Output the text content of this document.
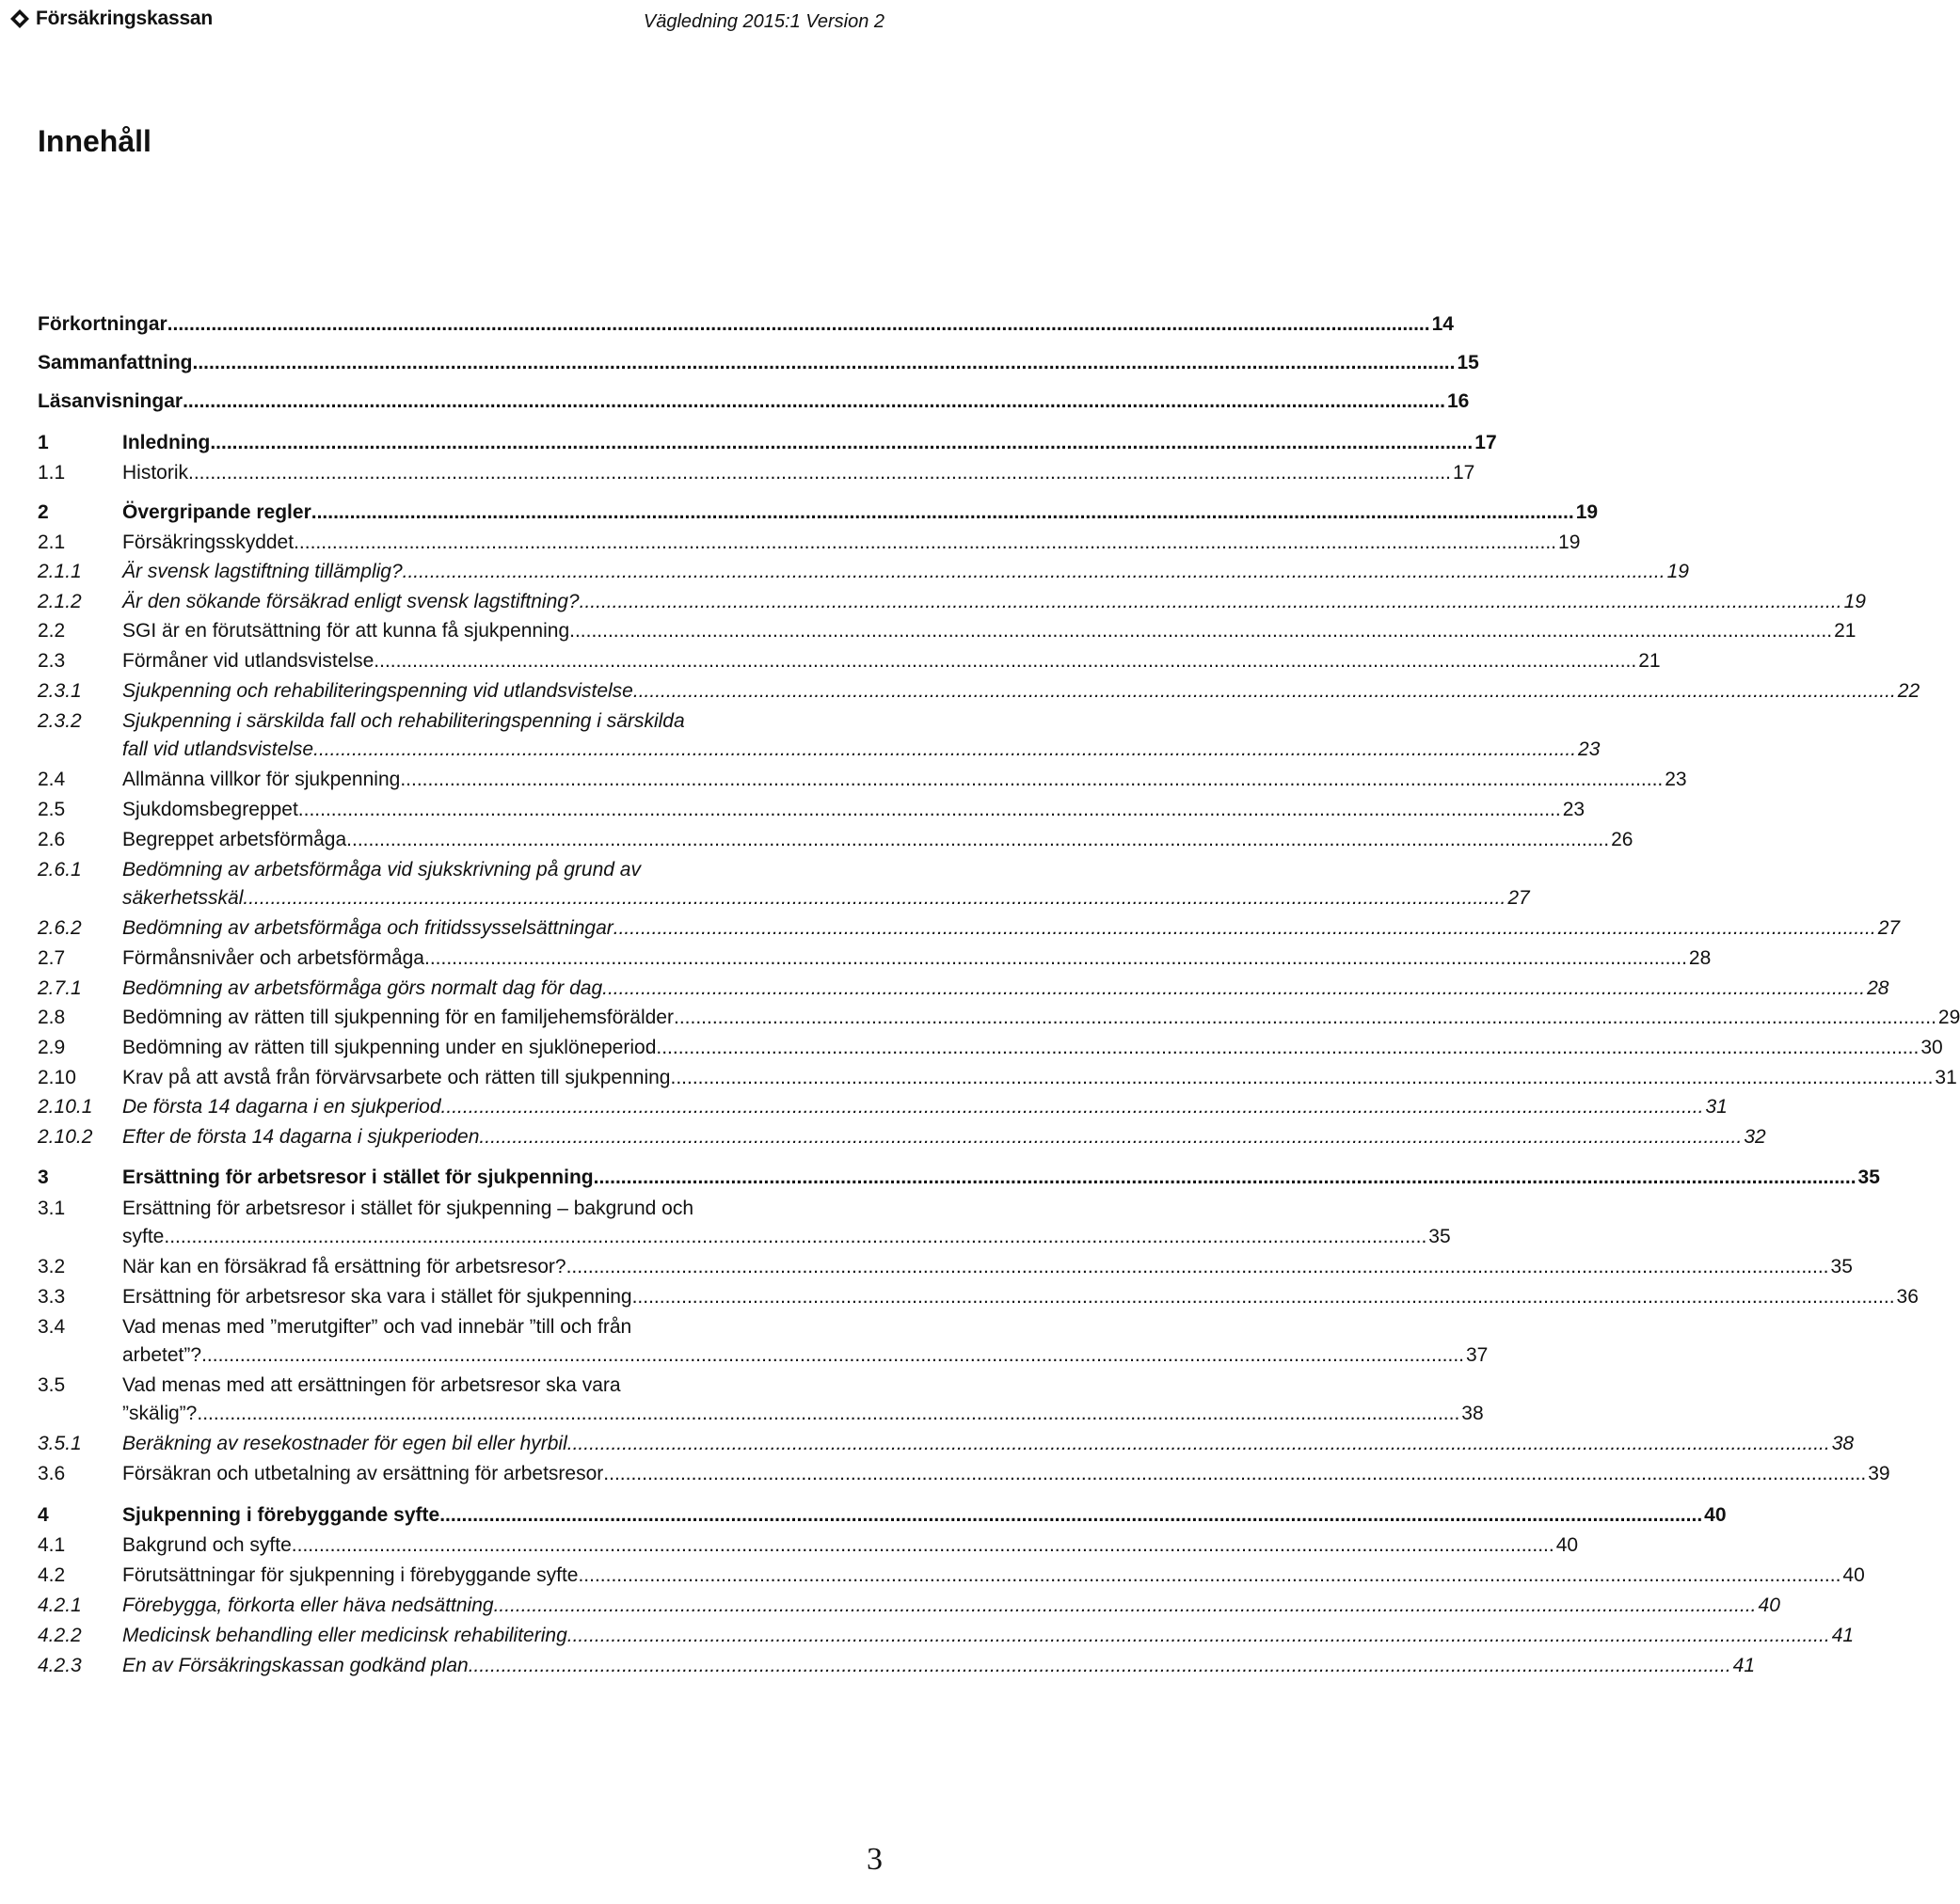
Försäkringskassan	Vägledning 2015:1 Version 2
Innehåll
Förkortningar .....	14
Sammanfattning .....	15
Läsanvisningar .....	16
1	Inledning .....	17
1.1	Historik .....	17
2	Övergripande regler .....	19
2.1	Försäkringsskyddet .....	19
2.1.1 Är svensk lagstiftning tillämplig? .....	19
2.1.2 Är den sökande försäkrad enligt svensk lagstiftning? .....	19
2.2	SGI är en förutsättning för att kunna få sjukpenning .....	21
2.3	Förmåner vid utlandsvistelse .....	21
2.3.1 Sjukpenning och rehabiliteringspenning vid utlandsvistelse .....	22
2.3.2 Sjukpenning i särskilda fall och rehabiliteringspenning i särskilda
fall vid utlandsvistelse .....	23
2.4	Allmänna villkor för sjukpenning .....	23
2.5	Sjukdomsbegreppet .....	23
2.6	Begreppet arbetsförmåga .....	26
2.6.1 Bedömning av arbetsförmåga vid sjukskrivning på grund av
säkerhetsskäl .....	27
2.6.2 Bedömning av arbetsförmåga och fritidssysselsättningar .....	27
2.7	Förmånsnivåer och arbetsförmåga .....	28
2.7.1 Bedömning av arbetsförmåga görs normalt dag för dag .....	28
2.8	Bedömning av rätten till sjukpenning för en familjehemsförälder .....	29
2.9	Bedömning av rätten till sjukpenning under en sjuklöneperiod .....	30
2.10 Krav på att avstå från förvärvsarbete och rätten till sjukpenning .....	31
2.10.1 De första 14 dagarna i en sjukperiod .....	31
2.10.2 Efter de första 14 dagarna i sjukperioden .....	32
3	Ersättning för arbetsresor i stället för sjukpenning .....	35
3.1	Ersättning för arbetsresor i stället för sjukpenning – bakgrund och
syfte .....	35
3.2	När kan en försäkrad få ersättning för arbetsresor? .....	35
3.3	Ersättning för arbetsresor ska vara i stället för sjukpenning .....	36
3.4	Vad menas med ”merutgifter” och vad innebär ”till och från
arbetet”? .....	37
3.5	Vad menas med att ersättningen för arbetsresor ska vara
”skälig”? .....	38
3.5.1 Beräkning av resekostnader för egen bil eller hyrbil .....	38
3.6	Försäkran och utbetalning av ersättning för arbetsresor .....	39
4	Sjukpenning i förebyggande syfte .....	40
4.1	Bakgrund och syfte .....	40
4.2	Förutsättningar för sjukpenning i förebyggande syfte .....	40
4.2.1 Förebygga, förkorta eller häva nedsättning .....	40
4.2.2 Medicinsk behandling eller medicinsk rehabilitering .....	41
4.2.3 En av Försäkringskassan godkänd plan .....	41
3
